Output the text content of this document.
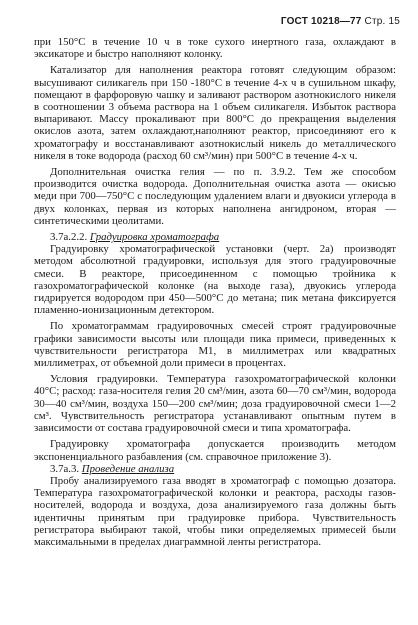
ГОСТ 10218—77 Стр. 15

при 150°С в течение 10 ч в токе сухого инертного газа, охлаждают в эксикаторе и быстро наполняют колонку.

Катализатор для наполнения реактора готовят следующим образом: высушивают силикагель при 150 -180°С в течение 4-х ч в сушильном шкафу, помещают в фарфоровую чашку и заливают раствором азотнокислого никеля в соотношении 3 объема раствора на 1 объем силикагеля. Избыток раствора выпаривают. Массу прокаливают при 800°С до прекращения выделения окислов азота, затем охлаждают,наполняют реактор, присоединяют его к хроматографу и восстанавливают азотнокислый никель до металлического никеля в токе водорода (расход 60 см³/мин) при 500°С в течение 4-х ч.

Дополнительная очистка гелия — по п. 3.9.2. Тем же способом производится очистка водорода. Дополнительная очистка азота — окисью меди при 700—750°С с последующим удалением влаги и двуокиси углерода в двух колонках, первая из которых наполнена ангидроном, вторая — синтетическими цеолитами.

3.7а.2.2. Градуировка хроматографа

Градуировку хроматографической установки (черт. 2а) производят методом абсолютной градуировки, используя для этого градуировочные смеси. В реакторе, присоединенном с помощью тройника к газохроматографической колонке (на выходе газа), двуокись углерода гидрируется водородом при 450—500°С до метана; пик метана фиксируется пламенно-ионизационным детектором.

По хроматограммам градуировочных смесей строят градуировочные графики зависимости высоты или площади пика примеси, приведенных к чувствительности регистратора M1, в миллиметрах или квадратных миллиметрах, от объемной доли примеси в процентах.

Условия градуировки. Температура газохроматографической колонки 40°С; расход: газа-носителя гелия 20 см³/мин, азота 60—70 см³/мин, водорода 30—40 см³/мин, воздуха 150—200 см³/мин; доза градуировочной смеси 1—2 см³. Чувствительность регистратора устанавливают опытным путем в зависимости от состава градуировочной смеси и типа хроматографа.

Градуировку хроматографа допускается производить методом экспоненциального разбавления (см. справочное приложение 3).

3.7а.3. Проведение анализа

Пробу анализируемого газа вводят в хроматограф с помощью дозатора. Температура газохроматографической колонки и реактора, расходы газов-носителей, водорода и воздуха, доза анализируемого газа должны быть идентичны принятым при градуировке прибора. Чувствительность регистратора выбирают такой, чтобы пики определяемых примесей были максимальными в пределах диаграммной ленты регистратора.
